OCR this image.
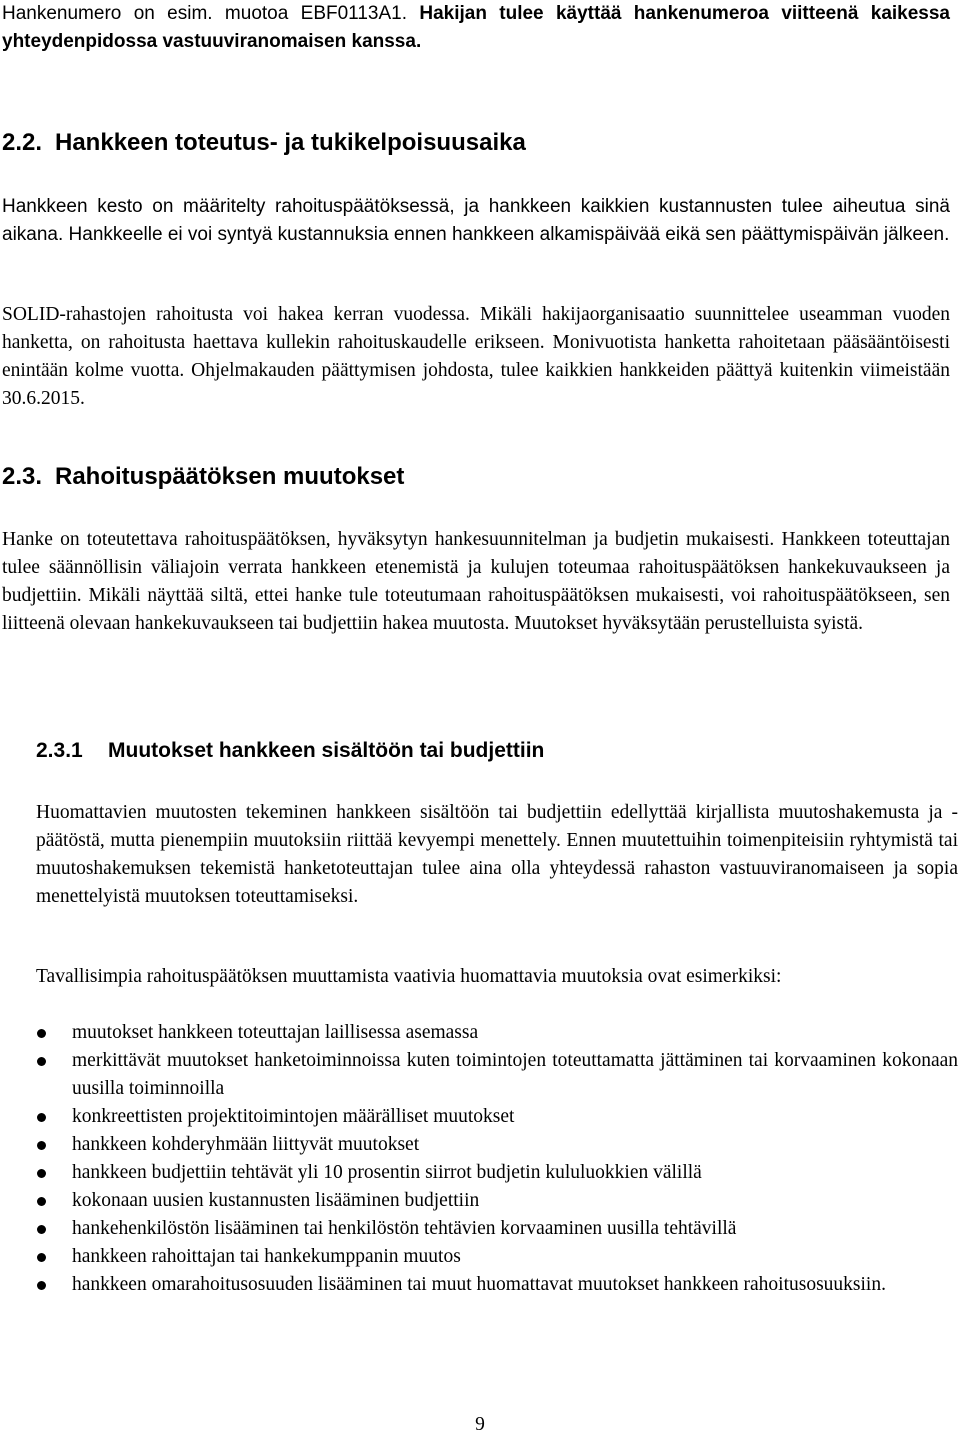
Hankenumero on esim. muotoa EBF0113A1. Hakijan tulee käyttää hankenumeroa viitteenä kaikessa yhteydenpidossa vastuuviranomaisen kanssa.

2.2. Hankkeen toteutus- ja tukikelpoisuusaika

Hankkeen kesto on määritelty rahoituspäätöksessä, ja hankkeen kaikkien kustannusten tulee aiheutua sinä aikana. Hankkeelle ei voi syntyä kustannuksia ennen hankkeen alkamispäivää eikä sen päättymispäivän jälkeen.

SOLID-rahastojen rahoitusta voi hakea kerran vuodessa. Mikäli hakijaorganisaatio suunnittelee useamman vuoden hanketta, on rahoitusta haettava kullekin rahoituskaudelle erikseen. Monivuotista hanketta rahoitetaan pääsääntöisesti enintään kolme vuotta. Ohjelmakauden päättymisen johdosta, tulee kaikkien hankkeiden päättyä kuitenkin viimeistään 30.6.2015.

2.3. Rahoituspäätöksen muutokset

Hanke on toteutettava rahoituspäätöksen, hyväksytyn hankesuunnitelman ja budjetin mukaisesti. Hankkeen toteuttajan tulee säännöllisin väliajoin verrata hankkeen etenemistä ja kulujen toteumaa rahoituspäätöksen hankekuvaukseen ja budjettiin. Mikäli näyttää siltä, ettei hanke tule toteutumaan rahoituspäätöksen mukaisesti, voi rahoituspäätökseen, sen liitteenä olevaan hankekuvaukseen tai budjettiin hakea muutosta. Muutokset hyväksytään perustelluista syistä.

2.3.1 Muutokset hankkeen sisältöön tai budjettiin

Huomattavien muutosten tekeminen hankkeen sisältöön tai budjettiin edellyttää kirjallista muutoshakemusta ja -päätöstä, mutta pienempiin muutoksiin riittää kevyempi menettely. Ennen muutettuihin toimenpiteisiin ryhtymistä tai muutoshakemuksen tekemistä hanketoteuttajan tulee aina olla yhteydessä rahaston vastuuviranomaiseen ja sopia menettelyistä muutoksen toteuttamiseksi.

Tavallisimpia rahoituspäätöksen muuttamista vaativia huomattavia muutoksia ovat esimerkiksi:

muutokset hankkeen toteuttajan laillisessa asemassa
merkittävät muutokset hanketoiminnoissa kuten toimintojen toteuttamatta jättäminen tai korvaaminen kokonaan uusilla toiminnoilla
konkreettisten projektitoimintojen määrälliset muutokset
hankkeen kohderyhmään liittyvät muutokset
hankkeen budjettiin tehtävät yli 10 prosentin siirrot budjetin kululuokkien välillä
kokonaan uusien kustannusten lisääminen budjettiin
hankehenkilöstön lisääminen tai henkilöstön tehtävien korvaaminen uusilla tehtävillä
hankkeen rahoittajan tai hankekumppanin muutos
hankkeen omarahoitusosuuden lisääminen tai muut huomattavat muutokset hankkeen rahoitusosuuksiin.
9
